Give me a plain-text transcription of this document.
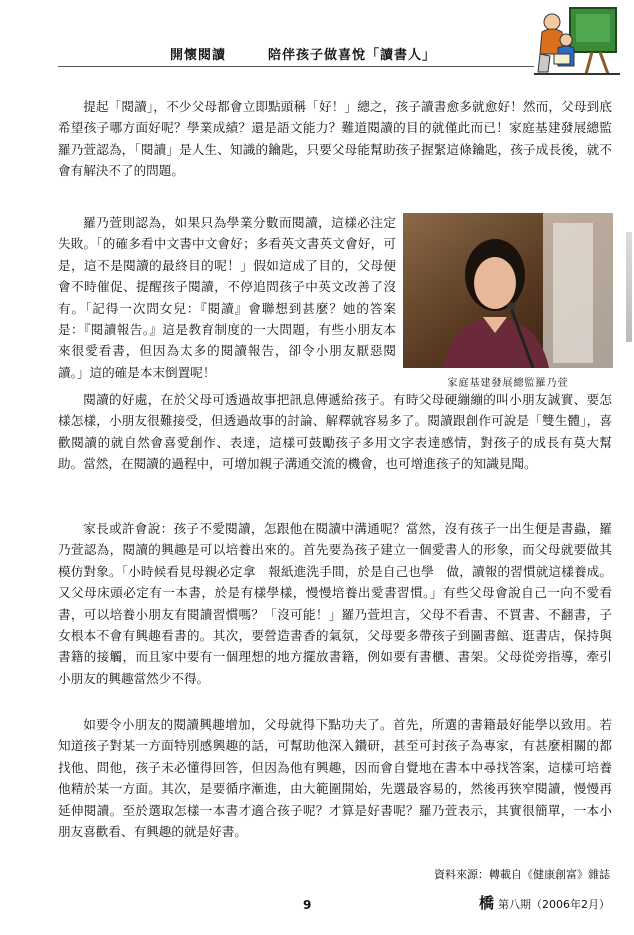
開懷閱讀	陪伴孩子做喜悅「讀書人」

提起「閱讀」，不少父母都會立即點頭稱「好！」總之，孩子讀書愈多就愈好！然而，父母到底希望孩子哪方面好呢？學業成績？還是語文能力？難道閱讀的目的就僅此而已！家庭基建發展總監羅乃萱認為，「閱讀」是人生、知識的鑰匙，只要父母能幫助孩子握緊這條鑰匙，孩子成長後，就不會有解決不了的問題。

羅乃萱則認為，如果只為學業分數而閱讀，這樣必注定失敗。「的確多看中文書中文會好；多看英文書英文會好，可是，這不是閱讀的最終目的呢！」假如這成了目的，父母便會不時催促、提醒孩子閱讀，不停追問孩子中英文改善了沒有。「記得一次問女兒：『閱讀』會聯想到甚麼？她的答案是：『閱讀報告。』這是教育制度的一大問題，有些小朋友本來很愛看書，但因為太多的閱讀報告，卻令小朋友厭惡閱讀。」這的確是本末倒置呢！

家庭基建發展總監羅乃萱

閱讀的好處，在於父母可透過故事把訊息傳遞給孩子。有時父母硬繃繃的叫小朋友誠實、要怎樣怎樣，小朋友很難接受，但透過故事的討論、解釋就容易多了。閱讀跟創作可說是「雙生體」，喜歡閱讀的就自然會喜愛創作、表達，這樣可鼓勵孩子多用文字表達感情，對孩子的成長有莫大幫助。當然，在閱讀的過程中，可增加親子溝通交流的機會，也可增進孩子的知識見聞。

家長或許會說：孩子不愛閱讀，怎跟他在閱讀中溝通呢？當然，沒有孩子一出生便是書蟲，羅乃萱認為，閱讀的興趣是可以培養出來的。首先要為孩子建立一個愛書人的形象，而父母就要做其模仿對象。「小時候看見母親必定拿　報紙進洗手間，於是自己也學　做，讀報的習慣就這樣養成。又父母床頭必定有一本書，於是有樣學樣，慢慢培養出愛書習慣。」有些父母會說自己一向不愛看書，可以培養小朋友有閱讀習慣嗎？「沒可能！」羅乃萱坦言，父母不看書、不買書、不翻書，子女根本不會有興趣看書的。其次，要營造書香的氣氛，父母要多帶孩子到圖書館、逛書店，保持與書籍的接觸，而且家中要有一個理想的地方擺放書籍，例如要有書櫃、書架。父母從旁指導，牽引小朋友的興趣當然少不得。

如要令小朋友的閱讀興趣增加，父母就得下點功夫了。首先，所選的書籍最好能學以致用。若知道孩子對某一方面特別感興趣的話，可幫助他深入鑽研，甚至可封孩子為專家，有甚麼相關的都找他、問他，孩子未必懂得回答，但因為他有興趣，因而會自覺地在書本中尋找答案，這樣可培養他精於某一方面。其次，是要循序漸進，由大範圍開始，先選最容易的，然後再狹窄閱讀，慢慢再延伸閱讀。至於選取怎樣一本書才適合孩子呢？才算是好書呢？羅乃萱表示，其實很簡單，一本小朋友喜歡看、有興趣的就是好書。

資料來源：轉載自《健康創富》雜誌
9	橋 第八期（2006年2月）
